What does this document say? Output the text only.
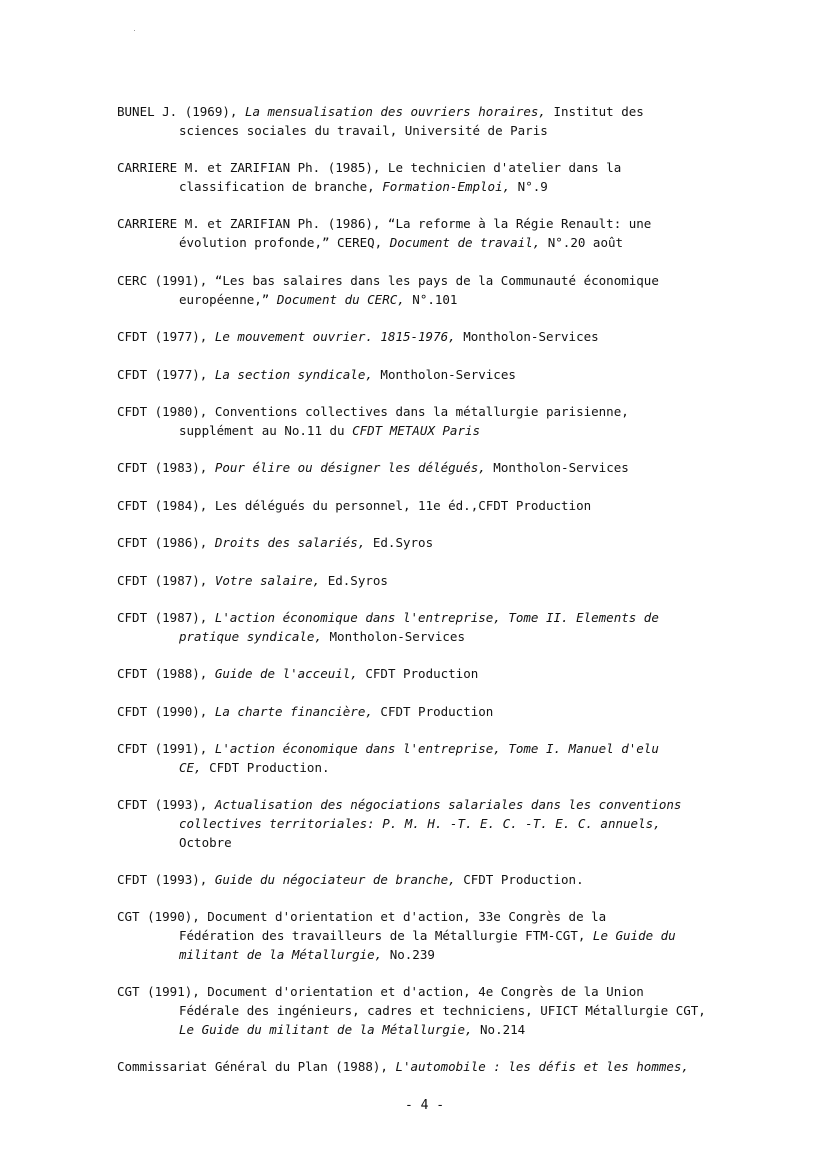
BUNEL J. (1969), La mensualisation des ouvriers horaires, Institut des
sciences sociales du travail, Université de Paris
CARRIERE M. et ZARIFIAN Ph. (1985), Le technicien d'atelier dans la
classification de branche, Formation-Emploi, N°.9
CARRIERE M. et ZARIFIAN Ph. (1986), “La reforme à la Régie Renault: une
évolution profonde,” CEREQ, Document de travail, N°.20 août
CERC (1991), “Les bas salaires dans les pays de la Communauté économique
européenne,” Document du CERC, N°.101
CFDT (1977), Le mouvement ouvrier. 1815-1976, Montholon-Services
CFDT (1977), La section syndicale, Montholon-Services
CFDT (1980), Conventions collectives dans la métallurgie parisienne,
supplément au No.11 du CFDT METAUX Paris
CFDT (1983), Pour élire ou désigner les délégués, Montholon-Services
CFDT (1984), Les délégués du personnel, 11e éd.,CFDT Production
CFDT (1986), Droits des salariés, Ed.Syros
CFDT (1987), Votre salaire, Ed.Syros
CFDT (1987), L'action économique dans l'entreprise, Tome II. Elements de
pratique syndicale, Montholon-Services
CFDT (1988), Guide de l'acceuil, CFDT Production
CFDT (1990), La charte financière, CFDT Production
CFDT (1991), L'action économique dans l'entreprise, Tome I. Manuel d'elu
CE, CFDT Production.
CFDT (1993), Actualisation des négociations salariales dans les conventions
collectives territoriales: P. M. H. -T. E. C. -T. E. C. annuels,
Octobre
CFDT (1993), Guide du négociateur de branche, CFDT Production.
CGT (1990), Document d'orientation et d'action, 33e Congrès de la
Fédération des travailleurs de la Métallurgie FTM-CGT, Le Guide du
militant de la Métallurgie, No.239
CGT (1991), Document d'orientation et d'action, 4e Congrès de la Union
Fédérale des ingénieurs, cadres et techniciens, UFICT Métallurgie CGT,
Le Guide du militant de la Métallurgie, No.214
Commissariat Général du Plan (1988), L'automobile : les défis et les hommes,
- 4 -
